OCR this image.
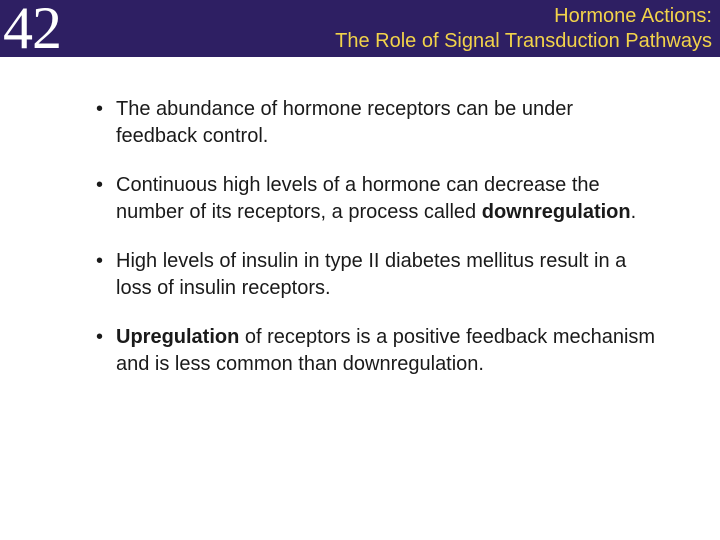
42	Hormone Actions:
The Role of Signal Transduction Pathways
• The abundance of hormone receptors can be under feedback control.
• Continuous high levels of a hormone can decrease the number of its receptors, a process called downregulation.
• High levels of insulin in type II diabetes mellitus result in a loss of insulin receptors.
• Upregulation of receptors is a positive feedback mechanism and is less common than downregulation.
